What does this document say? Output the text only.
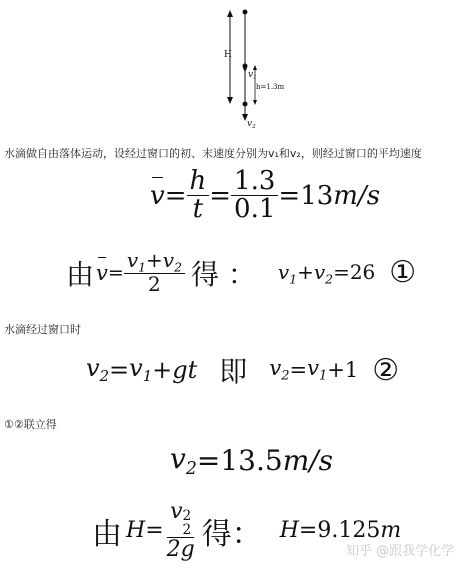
H
$v_1$
h=1.3m
$v_2$
水滴做自由落体运动，设经过窗口的初、末速度分别为v₁和v₂，则经过窗口的平均速度
$v = \frac{h}{t} = \frac{1.3}{0.1} =13$ m/s
由 $v = \frac{v_1+v_2}{2}$ 得 ： $v_1+v_2=26$ ①
水滴经过窗口时
$v_2 = v_1 +gt$ 即 $v_2 = v_1 +1$ ②
①②联立得
$v_2 =13.5$ m/s
由 H = v 2
2
2g 得： H =9.125 m
知乎 @跟我学化学
